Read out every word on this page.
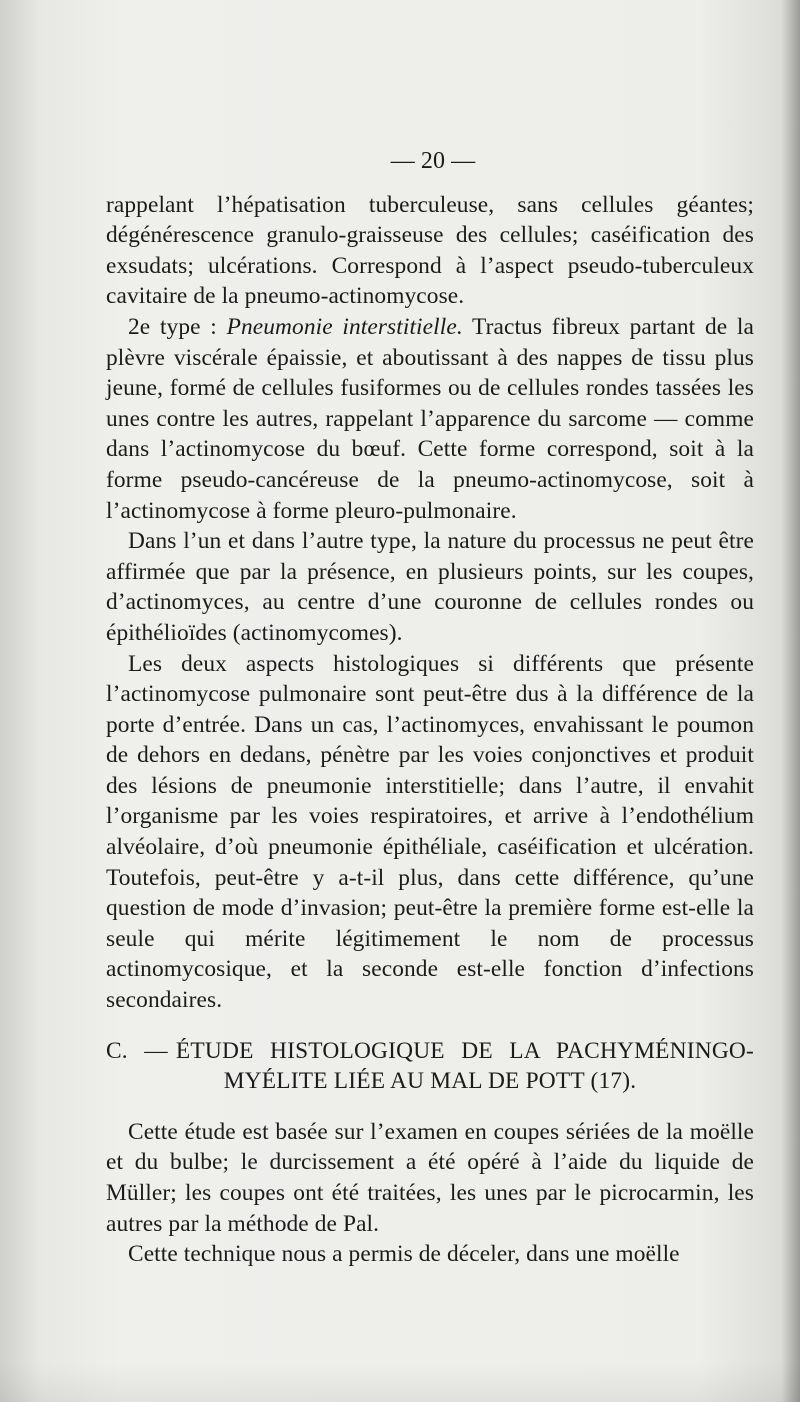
— 20 —

rappelant l’hépatisation tuberculeuse, sans cellules géantes; dégénérescence granulo-graisseuse des cellules; caséification des exsudats; ulcérations. Correspond à l’aspect pseudo-tuberculeux cavitaire de la pneumo-actinomycose.

2e type : Pneumonie interstitielle. Tractus fibreux partant de la plèvre viscérale épaissie, et aboutissant à des nappes de tissu plus jeune, formé de cellules fusiformes ou de cellules rondes tassées les unes contre les autres, rappelant l’apparence du sarcome — comme dans l’actinomycose du bœuf. Cette forme correspond, soit à la forme pseudo-cancéreuse de la pneumo-actinomycose, soit à l’actinomycose à forme pleuro-pulmonaire.

Dans l’un et dans l’autre type, la nature du processus ne peut être affirmée que par la présence, en plusieurs points, sur les coupes, d’actinomyces, au centre d’une couronne de cellules rondes ou épithélioïdes (actinomycomes).

Les deux aspects histologiques si différents que présente l’actinomycose pulmonaire sont peut-être dus à la différence de la porte d’entrée. Dans un cas, l’actinomyces, envahissant le poumon de dehors en dedans, pénètre par les voies conjonctives et produit des lésions de pneumonie interstitielle; dans l’autre, il envahit l’organisme par les voies respiratoires, et arrive à l’endothélium alvéolaire, d’où pneumonie épithéliale, caséification et ulcération. Toutefois, peut-être y a-t-il plus, dans cette différence, qu’une question de mode d’invasion; peut-être la première forme est-elle la seule qui mérite légitimement le nom de processus actinomycosique, et la seconde est-elle fonction d’infections secondaires.

C. — ÉTUDE HISTOLOGIQUE DE LA PACHYMÉNINGO-
MYÉLITE LIÉE AU MAL DE POTT (17).

Cette étude est basée sur l’examen en coupes sériées de la moëlle et du bulbe; le durcissement a été opéré à l’aide du liquide de Müller; les coupes ont été traitées, les unes par le picrocarmin, les autres par la méthode de Pal.

Cette technique nous a permis de déceler, dans une moëlle
